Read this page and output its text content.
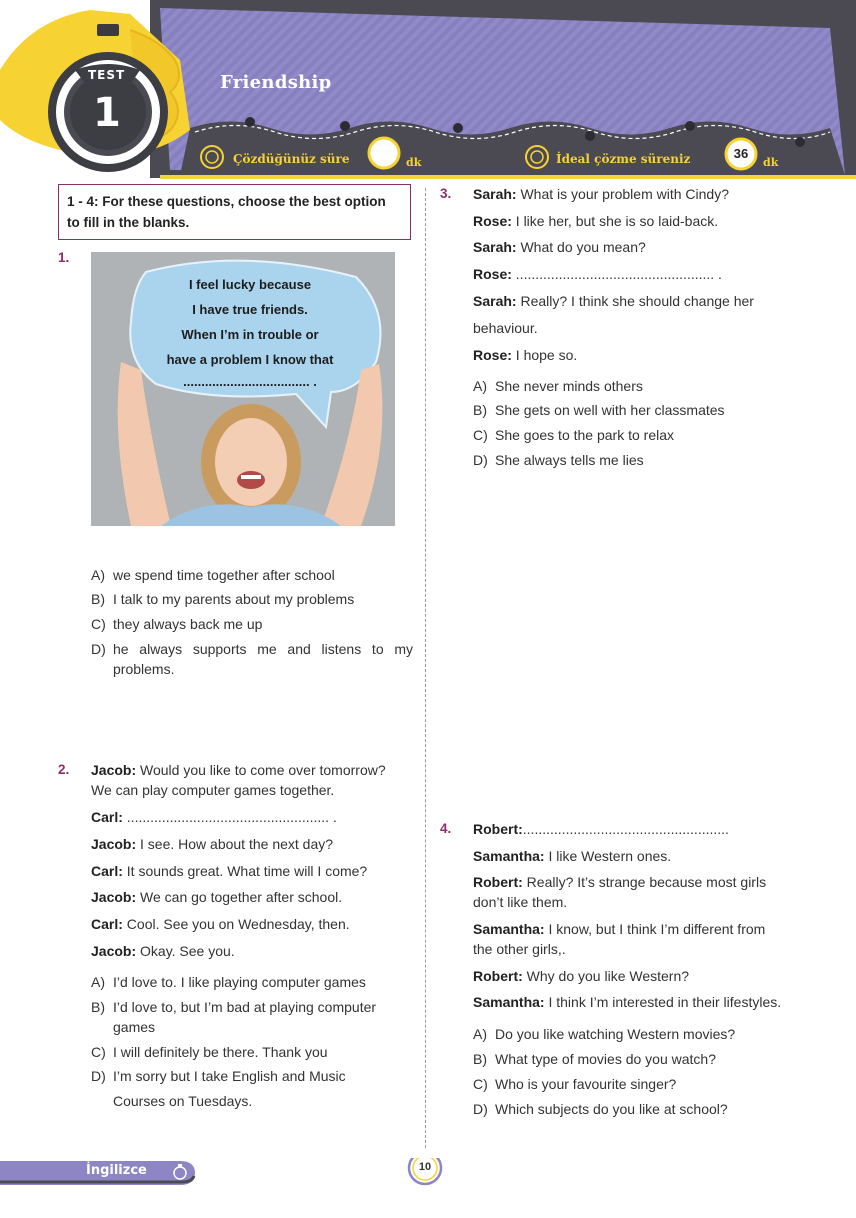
TEST
1
Friendship
Çözdüğünüz süre	dk	İdeal çözme süreniz	36
dk
1 - 4: For these questions, choose the best option to fill in the blanks.
1.
I feel lucky because
I have true friends.
When I’m in trouble or
have a problem I know that
................................... .
A) we spend time together after school
B) I talk to my parents about my problems
C) they always back me up
D) he always supports me and listens to my
problems.
2. Jacob: Would you like to come over tomorrow?
We can play computer games together.
Carl: .................................................... .
Jacob: I see. How about the next day?
Carl: It sounds great. What time will I come?
Jacob: We can go together after school.
Carl: Cool. See you on Wednesday, then.
Jacob: Okay. See you.
A) I’d love to. I like playing computer games
B) I’d love to, but I’m bad at playing computer
games
C) I will definitely be there. Thank you
D) I’m sorry but I take English and Music
Courses on Tuesdays.
3. Sarah: What is your problem with Cindy?
Rose: I like her, but she is so laid-back.
Sarah: What do you mean?
Rose: ................................................... .
Sarah: Really? I think she should change her
behaviour.
Rose: I hope so.
A) She never minds others
B) She gets on well with her classmates
C) She goes to the park to relax
D) She always tells me lies
4. Robert:.....................................................
Samantha: I like Western ones.
Robert: Really? It’s strange because most girls
don’t like them.
Samantha: I know, but I think I’m different from
the other girls,.
Robert: Why do you like Western?
Samantha: I think I’m interested in their lifestyles.
A) Do you like watching Western movies?
B) What type of movies do you watch?
C) Who is your favourite singer?
D) Which subjects do you like at school?
İngilizce	10
